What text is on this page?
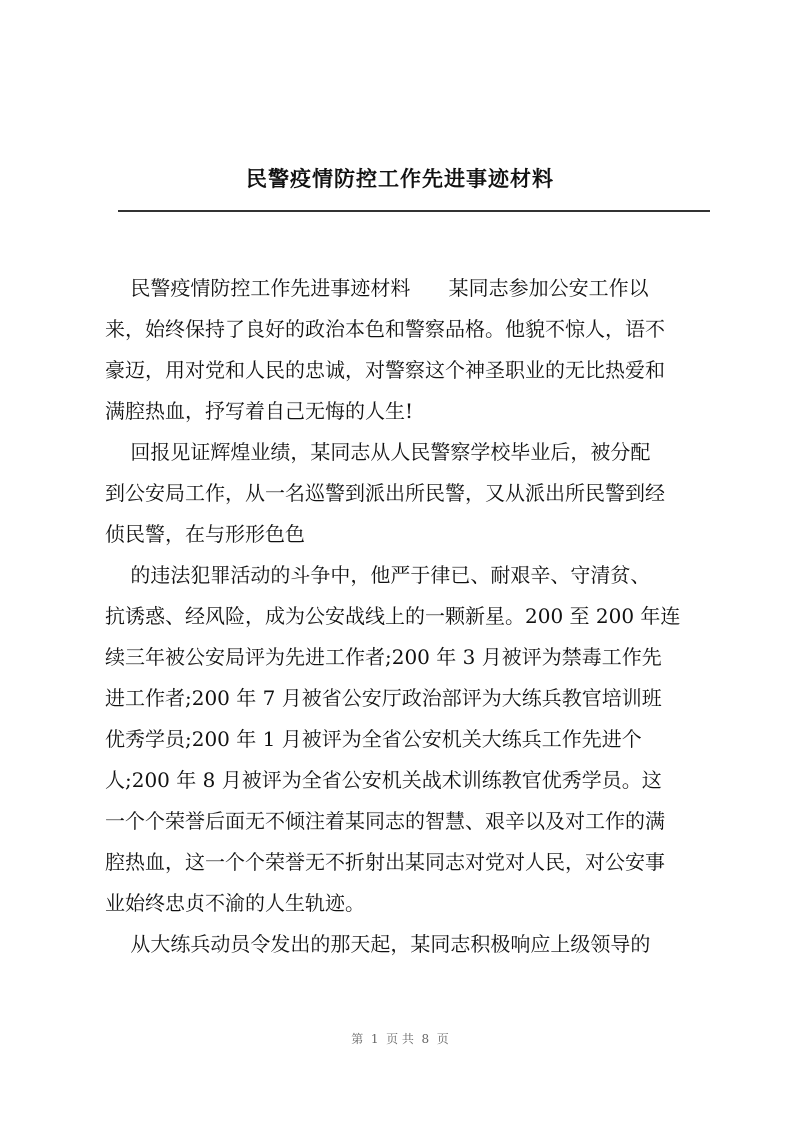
民警疫情防控工作先进事迹材料

民警疫情防控工作先进事迹材料      某同志参加公安工作以
来，始终保持了良好的政治本色和警察品格。他貌不惊人，语不
豪迈，用对党和人民的忠诚，对警察这个神圣职业的无比热爱和
满腔热血，抒写着自己无悔的人生!

回报见证辉煌业绩，某同志从人民警察学校毕业后，被分配
到公安局工作，从一名巡警到派出所民警，又从派出所民警到经
侦民警，在与形形色色

的违法犯罪活动的斗争中，他严于律已、耐艰辛、守清贫、
抗诱惑、经风险，成为公安战线上的一颗新星。200 至 200 年连
续三年被公安局评为先进工作者;200 年 3 月被评为禁毒工作先
进工作者;200 年 7 月被省公安厅政治部评为大练兵教官培训班
优秀学员;200 年 1 月被评为全省公安机关大练兵工作先进个
人;200 年 8 月被评为全省公安机关战术训练教官优秀学员。这
一个个荣誉后面无不倾注着某同志的智慧、艰辛以及对工作的满
腔热血，这一个个荣誉无不折射出某同志对党对人民，对公安事
业始终忠贞不渝的人生轨迹。

从大练兵动员令发出的那天起，某同志积极响应上级领导的

第  1  页 共  8  页
